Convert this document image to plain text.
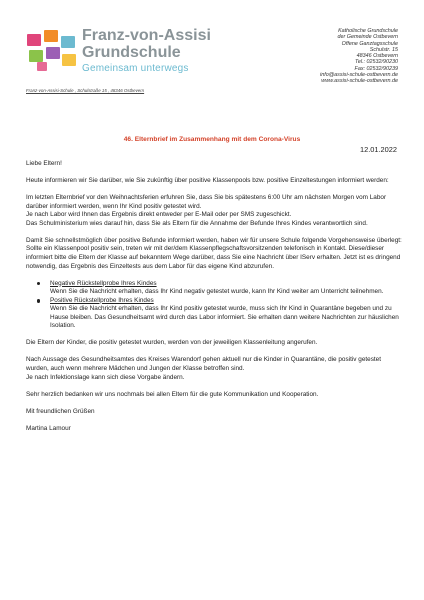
Franz-von-Assisi
Grundschule
Gemeinsam unterwegs
Katholische Grundschule
der Gemeinde Ostbevern
Offene Ganztagsschule
Schulstr. 15
48346 Ostbevern
Tel.: 02532/90230
Fax: 02532/90239
info@assisi-schule-ostbevern.de
www.assisi-schule-ostbevern.de
Franz-von-Assisi-Schule , Schulstraße 15 , 48346 Ostbevern
46. Elternbrief im Zusammenhang mit dem Corona-Virus
12.01.2022

Liebe Eltern!

Heute informieren wir Sie darüber, wie Sie zukünftig über positive Klassenpools bzw. positive Einzeltestungen informiert werden:

Im letzten Elternbrief vor den Weihnachtsferien erfuhren Sie, dass Sie bis spätestens 6:00 Uhr am nächsten Morgen vom Labor darüber informiert werden, wenn Ihr Kind positiv getestet wird.

Je nach Labor wird Ihnen das Ergebnis direkt entweder per E-Mail oder per SMS zugeschickt.

Das Schulministerium wies darauf hin, dass Sie als Eltern für die Annahme der Befunde Ihres Kindes verantwortlich sind.

Damit Sie schnellstmöglich über positive Befunde informiert werden, haben wir für unsere Schule folgende Vorgehensweise überlegt:

Sollte ein Klassenpool positiv sein, treten wir mit der/dem Klassenpflegschaftsvorsitzenden telefonisch in Kontakt. Diese/dieser informiert bitte die Eltern der Klasse auf bekanntem Wege darüber, dass Sie eine Nachricht über IServ erhalten. Jetzt ist es dringend notwendig, das Ergebnis des Einzeltests aus dem Labor für das eigene Kind abzurufen.

Negative Rückstellprobe Ihres Kindes
Wenn Sie die Nachricht erhalten, dass Ihr Kind negativ getestet wurde, kann Ihr Kind weiter am Unterricht teilnehmen.
Positive Rückstellprobe Ihres Kindes
Wenn Sie die Nachricht erhalten, dass Ihr Kind positiv getestet wurde, muss sich Ihr Kind in Quarantäne begeben und zu Hause bleiben. Das Gesundheitsamt wird durch das Labor informiert. Sie erhalten dann weitere Nachrichten zur häuslichen Isolation.

Die Eltern der Kinder, die positiv getestet wurden, werden von der jeweiligen Klassenleitung angerufen.

Nach Aussage des Gesundheitsamtes des Kreises Warendorf gehen aktuell nur die Kinder in Quarantäne, die positiv getestet wurden, auch wenn mehrere Mädchen und Jungen der Klasse betroffen sind.

Je nach Infektionslage kann sich diese Vorgabe ändern.

Sehr herzlich bedanken wir uns nochmals bei allen Eltern für die gute Kommunikation und Kooperation.

Mit freundlichen Grüßen

Martina Lamour
